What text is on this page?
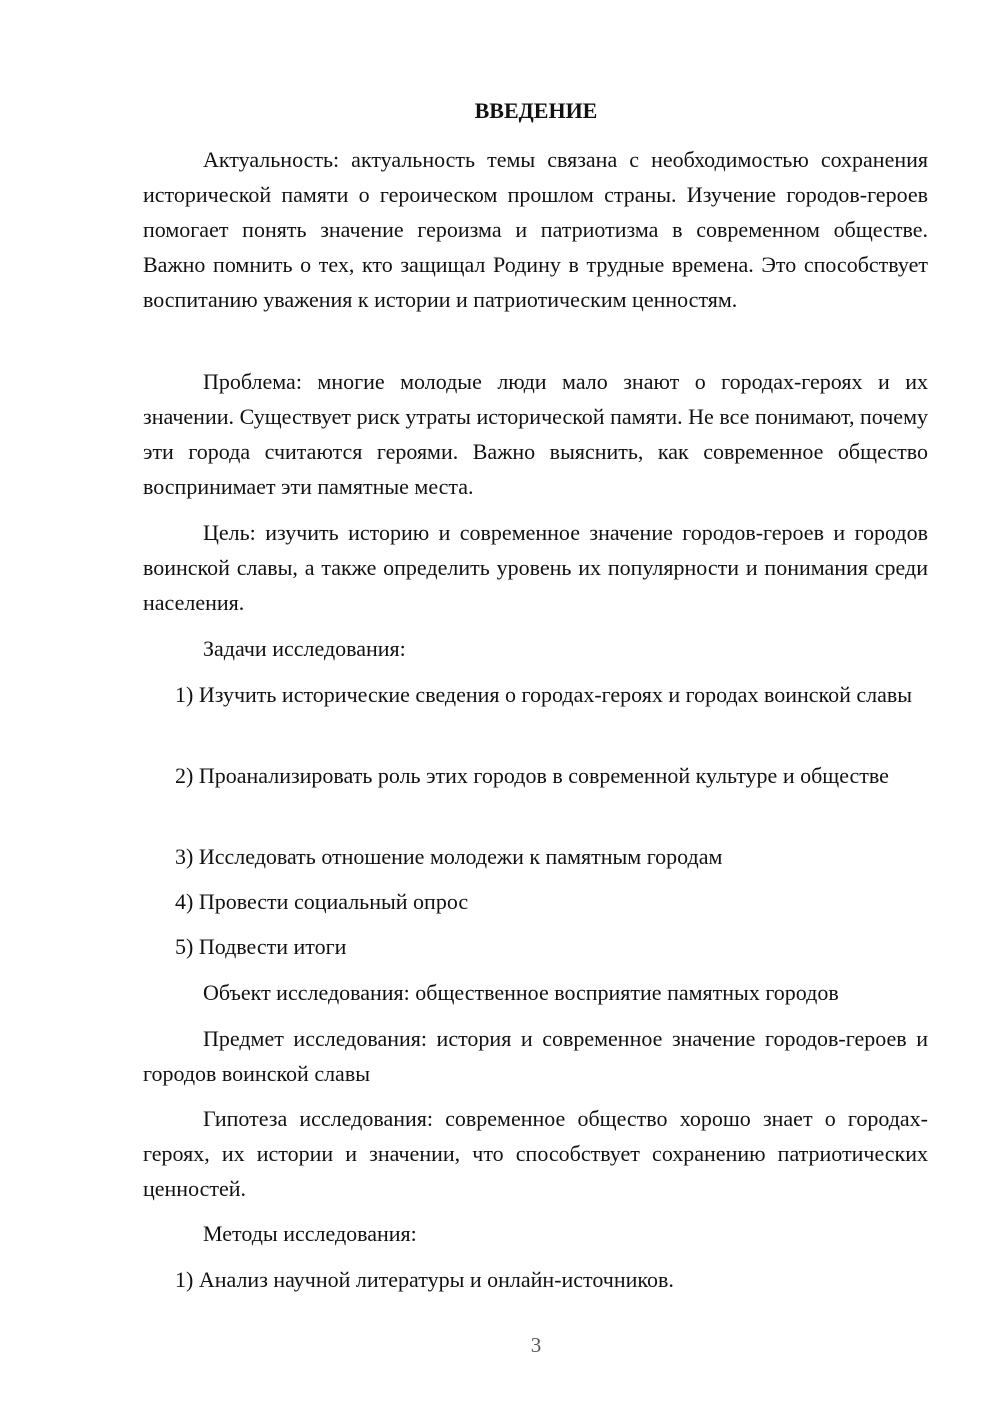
ВВЕДЕНИЕ

Актуальность: актуальность темы связана с необходимостью сохранения исторической памяти о героическом прошлом страны. Изучение городов-героев помогает понять значение героизма и патриотизма в современном обществе. Важно помнить о тех, кто защищал Родину в трудные времена. Это способствует воспитанию уважения к истории и патриотическим ценностям.

Проблема: многие молодые люди мало знают о городах-героях и их значении. Существует риск утраты исторической памяти. Не все понимают, почему эти города считаются героями. Важно выяснить, как современное общество воспринимает эти памятные места.

Цель: изучить историю и современное значение городов-героев и городов воинской славы, а также определить уровень их популярности и понимания среди населения.

Задачи исследования:

1) Изучить исторические сведения о городах-героях и городах воинской славы

2) Проанализировать роль этих городов в современной культуре и обществе

3) Исследовать отношение молодежи к памятным городам

4) Провести социальный опрос

5) Подвести итоги

Объект исследования: общественное восприятие памятных городов

Предмет исследования: история и современное значение городов-героев и городов воинской славы

Гипотеза исследования: современное общество хорошо знает о городах-героях, их истории и значении, что способствует сохранению патриотических ценностей.

Методы исследования:

1) Анализ научной литературы и онлайн-источников.

3
